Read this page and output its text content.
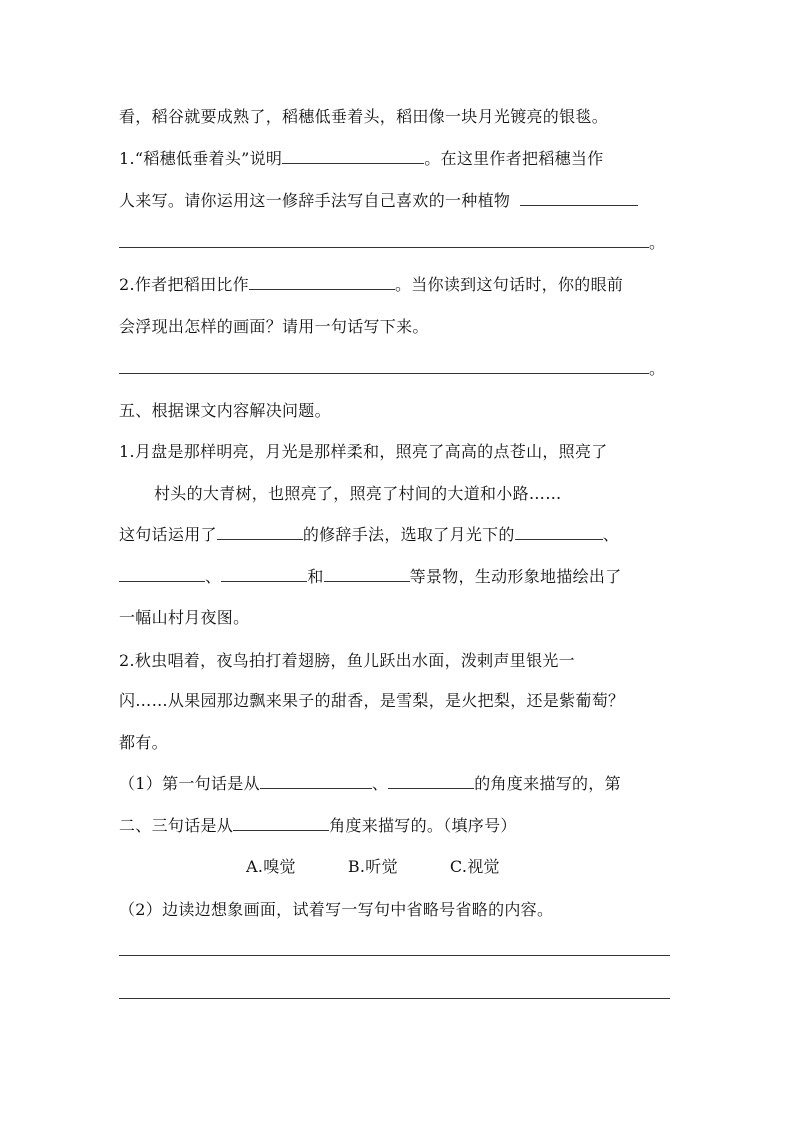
看，稻谷就要成熟了，稻穗低垂着头，稻田像一块月光镀亮的银毯。
1.“稻穗低垂着头”说明	。在这里作者把稻穗当作
人来写。请你运用这一修辞手法写自己喜欢的一种植物
。
2.作者把稻田比作	。当你读到这句话时，你的眼前
会浮现出怎样的画面？请用一句话写下来。
。
五、根据课文内容解决问题。
1.月盘是那样明亮，月光是那样柔和，照亮了高高的点苍山，照亮了
村头的大青树，也照亮了，照亮了村间的大道和小路……
这句话运用了	的修辞手法，选取了月光下的	、
、	和	等景物，生动形象地描绘出了
一幅山村月夜图。
2.秋虫唱着，夜鸟拍打着翅膀，鱼儿跃出水面，泼剌声里银光一
闪……从果园那边飘来果子的甜香，是雪梨，是火把梨，还是紫葡萄？
都有。
（1）第一句话是从	、	的角度来描写的，第
二、三句话是从	角度来描写的。（填序号）
A.嗅觉	B.听觉	C.视觉
（2）边读边想象画面，试着写一写句中省略号省略的内容。
